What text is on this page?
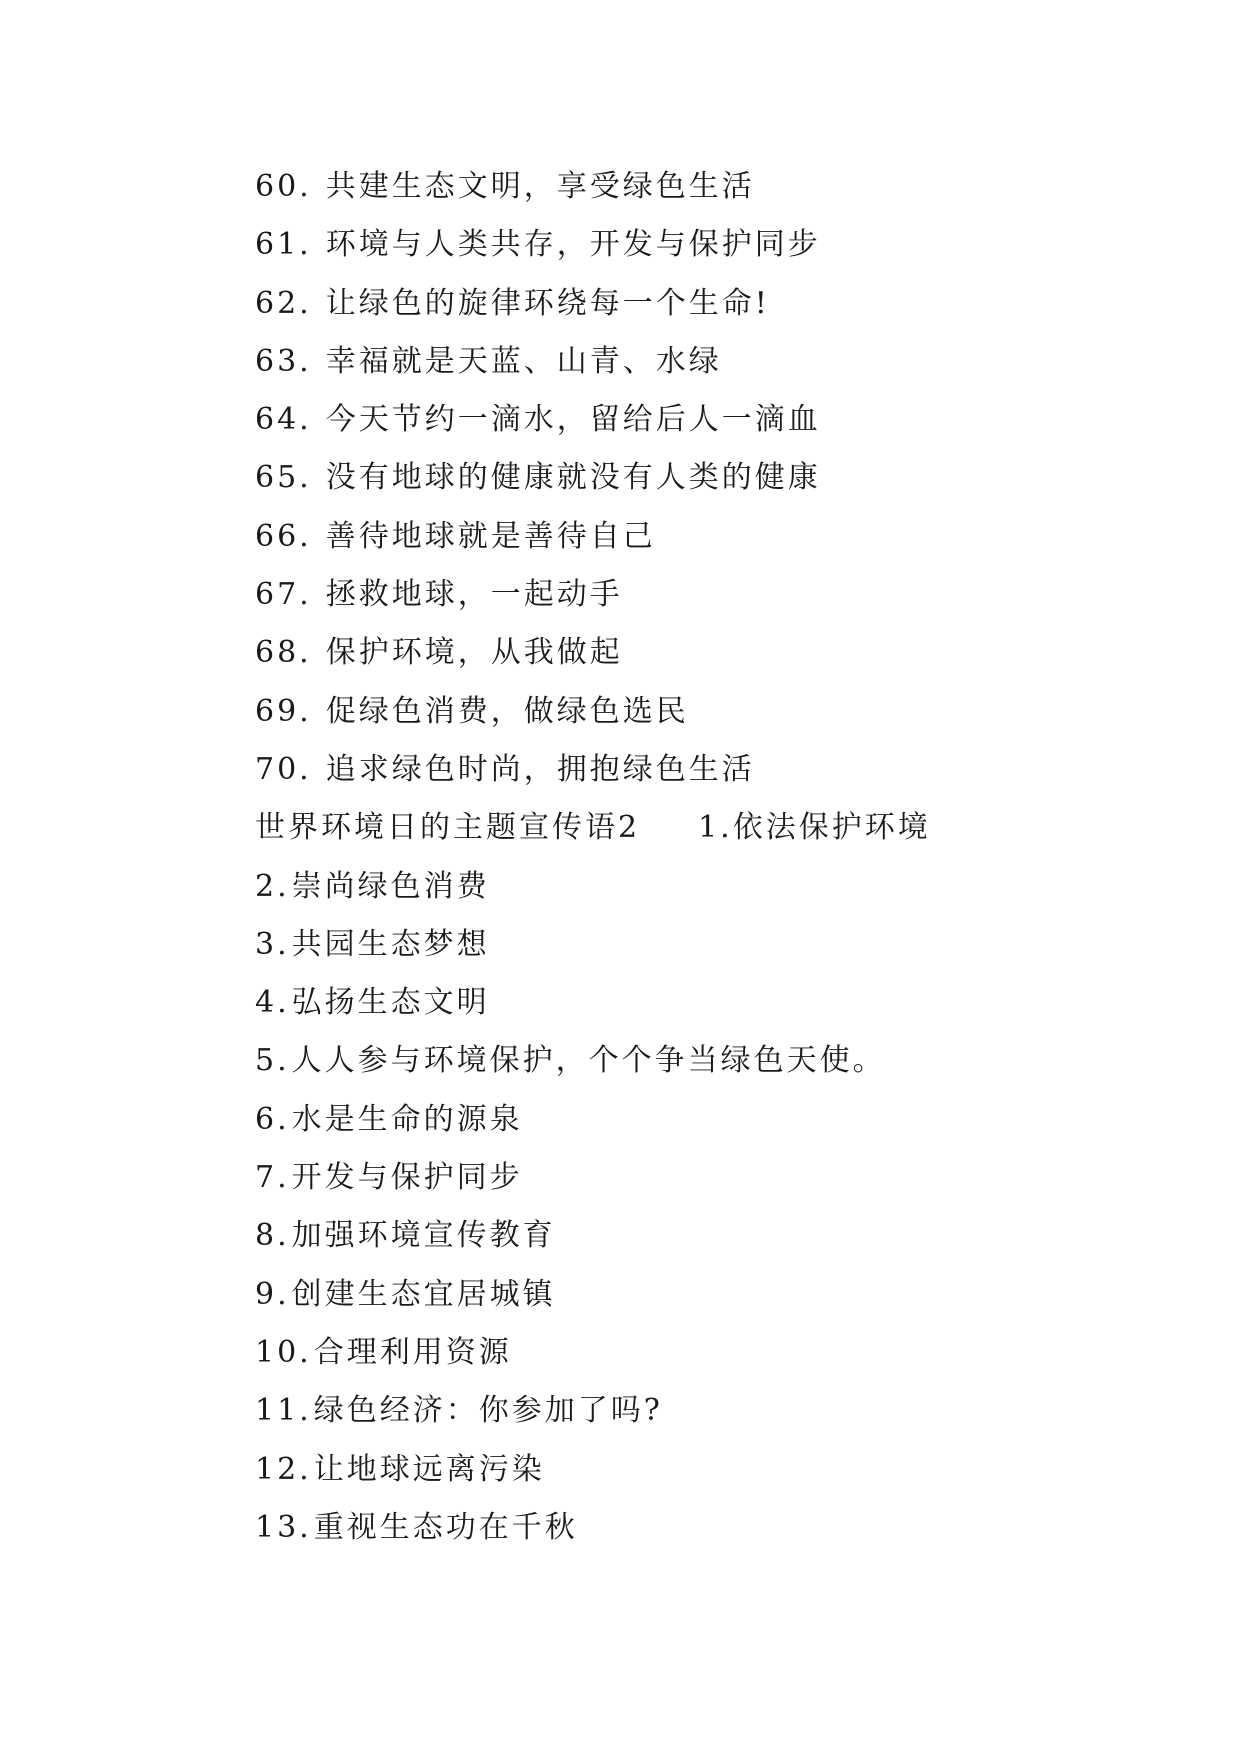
60. 共建生态文明，享受绿色生活
61. 环境与人类共存，开发与保护同步
62. 让绿色的旋律环绕每一个生命!
63. 幸福就是天蓝、山青、水绿
64. 今天节约一滴水，留给后人一滴血
65. 没有地球的健康就没有人类的健康
66. 善待地球就是善待自己
67. 拯救地球，一起动手
68. 保护环境，从我做起
69. 促绿色消费，做绿色选民
70. 追求绿色时尚，拥抱绿色生活
世界环境日的主题宣传语2 1.依法保护环境
2.崇尚绿色消费
3.共园生态梦想
4.弘扬生态文明
5.人人参与环境保护，个个争当绿色天使。
6.水是生命的源泉
7.开发与保护同步
8.加强环境宣传教育
9.创建生态宜居城镇
10.合理利用资源
11.绿色经济：你参加了吗?
12.让地球远离污染
13.重视生态功在千秋
